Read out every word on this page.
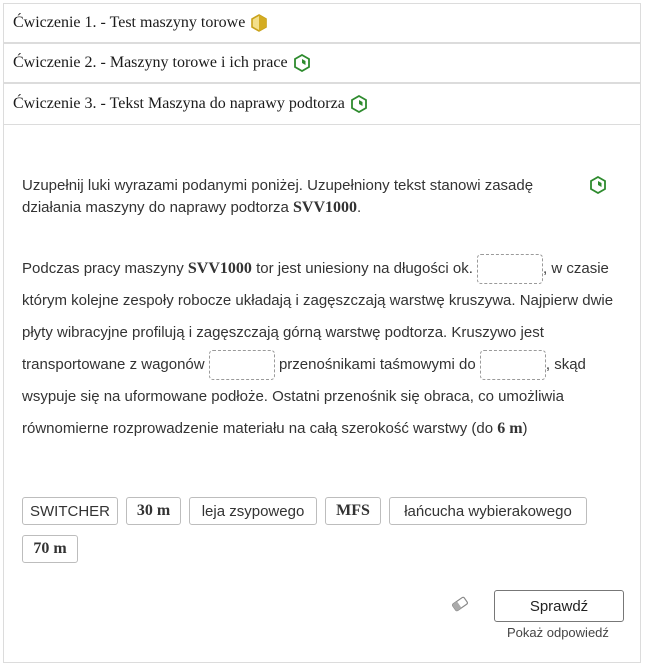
Ćwiczenie 1. - Test maszyny torowe
Ćwiczenie 2. - Maszyny torowe i ich prace
Ćwiczenie 3. - Tekst Maszyna do naprawy podtorza
Uzupełnij luki wyrazami podanymi poniżej. Uzupełniony tekst stanowi zasadę działania maszyny do naprawy podtorza SVV1000.
Podczas pracy maszyny SVV1000 tor jest uniesiony na długości ok.	, w czasie którym kolejne zespoły robocze układają i zagęszczają warstwę kruszywa. Najpierw dwie płyty wibracyjne profilują i zagęszczają górną warstwę podtorza. Kruszywo jest transportowane z wagonów	przenośnikami taśmowymi do	, skąd wsypuje się na uformowane podłoże. Ostatni przenośnik się obraca, co umożliwia równomierne rozprowadzenie materiału na całą szerokość warstwy (do 6 m)
SWITCHER	30 m	leja zsypowego	MFS	łańcucha wybierakowego
70 m
Sprawdź
Pokaż odpowiedź
